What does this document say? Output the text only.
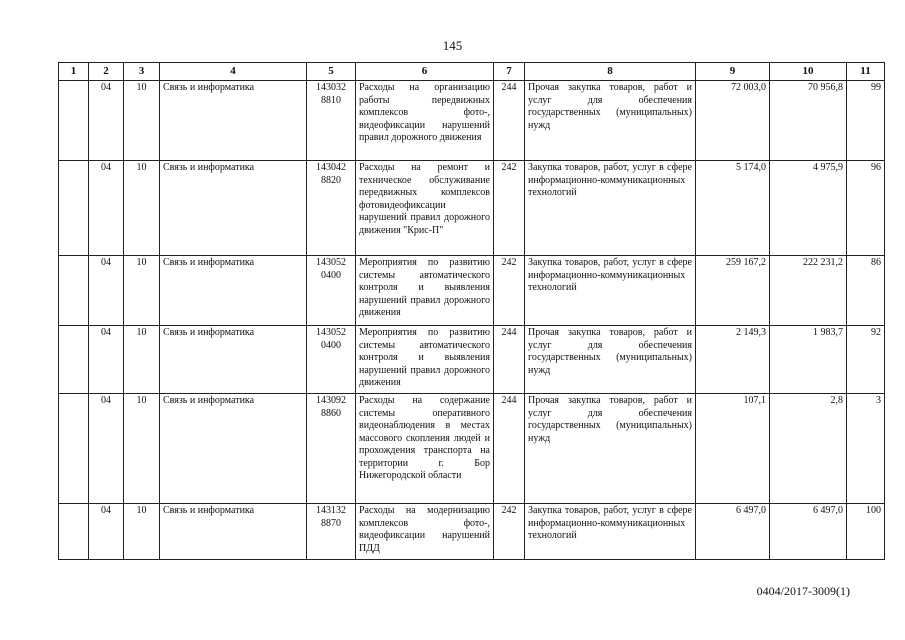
145
1	2	3	4	5	6	7	8	9	10	11
	04	10	Связь и информатика	143032 8810	Расходы на организацию работы передвижных комплексов фото-, видеофиксации нарушений правил дорожного движения	244	Прочая закупка товаров, работ и услуг для обеспечения государственных (муниципальных) нужд	72 003,0	70 956,8	99
	04	10	Связь и информатика	143042 8820	Расходы на ремонт и техническое обслуживание передвижных комплексов фотовидеофиксации нарушений правил дорожного движения "Крис-П"	242	Закупка товаров, работ, услуг в сфере информационно-коммуникационных технологий	5 174,0	4 975,9	96
	04	10	Связь и информатика	143052 0400	Мероприятия по развитию системы автоматического контроля и выявления нарушений правил дорожного движения	242	Закупка товаров, работ, услуг в сфере информационно-коммуникационных технологий	259 167,2	222 231,2	86
	04	10	Связь и информатика	143052 0400	Мероприятия по развитию системы автоматического контроля и выявления нарушений правил дорожного движения	244	Прочая закупка товаров, работ и услуг для обеспечения государственных (муниципальных) нужд	2 149,3	1 983,7	92
	04	10	Связь и информатика	143092 8860	Расходы на содержание системы оперативного видеонаблюдения в местах массового скопления людей и прохождения транспорта на территории г. Бор Нижегородской области	244	Прочая закупка товаров, работ и услуг для обеспечения государственных (муниципальных) нужд	107,1	2,8	3
	04	10	Связь и информатика	143132 8870	Расходы на модернизацию комплексов фото-, видеофиксации нарушений ПДД	242	Закупка товаров, работ, услуг в сфере информационно-коммуникационных технологий	6 497,0	6 497,0	100
0404/2017-3009(1)
